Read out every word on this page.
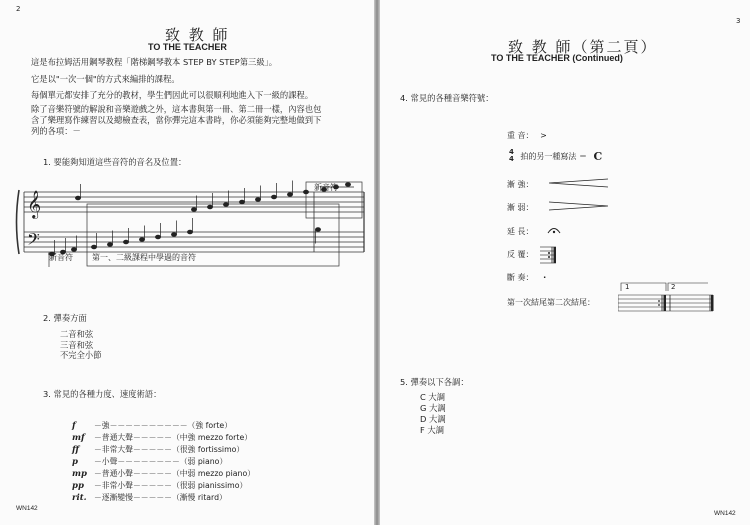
2
致 教 師
TO THE TEACHER
這是布拉姆活用鋼琴教程「階梯鋼琴教本 STEP BY STEP第三級」。
它是以"一次一個"的方式來編排的課程。
每個單元都安排了充分的教材，學生們因此可以很順利地進入下一級的課程。
除了音樂符號的解說和音樂遊戲之外，這本書與第一冊、第二冊一樣，內容也包
含了樂理寫作練習以及總檢查表，當你彈完這本書時，你必須能夠完整地做到下
列的各項：－
1. 要能夠知道這些音符的音名及位置：
𝄞
𝄢
新音符
新音符 第一、二級課程中學過的音符
2. 彈奏方面
二音和弦
三音和弦
不完全小節
3. 常見的各種力度、速度術語：
f －強－－－－－－－－－－（強 forte）
mf －普通大聲－－－－－（中強 mezzo forte）
ff －非常大聲－－－－－（很強 fortissimo）
p －小聲－－－－－－－－（弱 piano）
mp －普通小聲－－－－－（中弱 mezzo piano）
pp －非常小聲－－－－－（很弱 pianissimo）
rit. －逐漸變慢－－－－－（漸慢 ritard）
WN142
3
致 教 師（第二頁）
TO THE TEACHER (Continued)
4. 常見的各種音樂符號：
重 音： >
4
4 拍的另一種寫法 ＝ C
漸 強：
漸 弱：
延 長：
反 覆：
斷 奏： ·
第一次結尾第二次結尾：
1	2
5. 彈奏以下各調：
C 大調
G 大調
D 大調
F 大調
WN142
